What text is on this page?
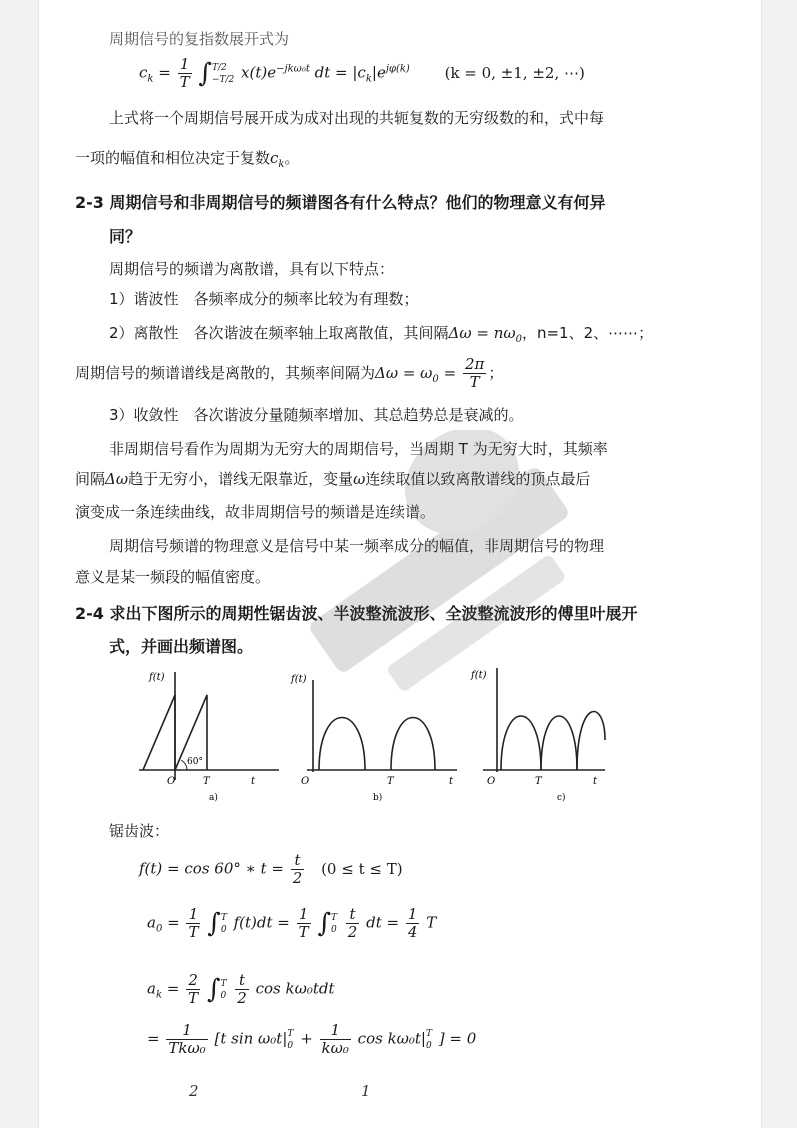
周期信号的复指数展开式为
$c_k = \frac{1}{T}$ ∫ T/2
−T/2 $x(t)e^{-jk\omega_0t}$ dt = $|c_k|e^{j\varphi(k)}$ (k = 0, ±1, ±2, ⋯)
上式将一个周期信号展开成为成对出现的共轭复数的无穷级数的和，式中每
一项的幅值和相位决定于复数$c_k$。
2-3 周期信号和非周期信号的频谱图各有什么特点？他们的物理意义有何异
同？
周期信号的频谱为离散谱，具有以下特点：
1）谐波性　各频率成分的频率比较为有理数；
2）离散性　各次谐波在频率轴上取离散值，其间隔$\Delta\omega = n\omega_0$，n=1、2、⋯⋯；
周期信号的频谱谱线是离散的，其频率间隔为$\Delta\omega = \omega_0 = \frac{2\pi}{T}$ ；
3）收敛性　各次谐波分量随频率增加、其总趋势总是衰减的。
非周期信号看作为周期为无穷大的周期信号，当周期 T 为无穷大时，其频率
间隔Δω趋于无穷小，谱线无限靠近，变量ω连续取值以致离散谱线的顶点最后
演变成一条连续曲线，故非周期信号的频谱是连续谱。
周期信号频谱的物理意义是信号中某一频率成分的幅值，非周期信号的物理
意义是某一频段的幅值密度。
2-4 求出下图所示的周期性锯齿波、半波整流波形、全波整流波形的傅里叶展开
式，并画出频谱图。
f(t)
60°
O	T	t
a)
f(t)
O	T	t
b)
f(t)
O	T	t
c)
锯齿波：
f(t) = cos 60° ∗ $t = \frac{t}{2} (0 \le t \le T)$
$a_0 = \frac{1}{T}$ ∫ T
0 $f(t)dt = \frac{1}{T}$ ∫ T
0
$\frac{t}{2}$ dt = $\frac{1}{4}$ T
$a_k = \frac{2}{T}$ ∫ T
0
$\frac{t}{2}$ cos kω₀tdt
= $\frac{1}{\text{Tkω₀}} [t$ sin ω₀t| T
$0 + \frac{1}{\text{kω₀}}$ cos kω₀t| T
0 ] = 0
2	1
